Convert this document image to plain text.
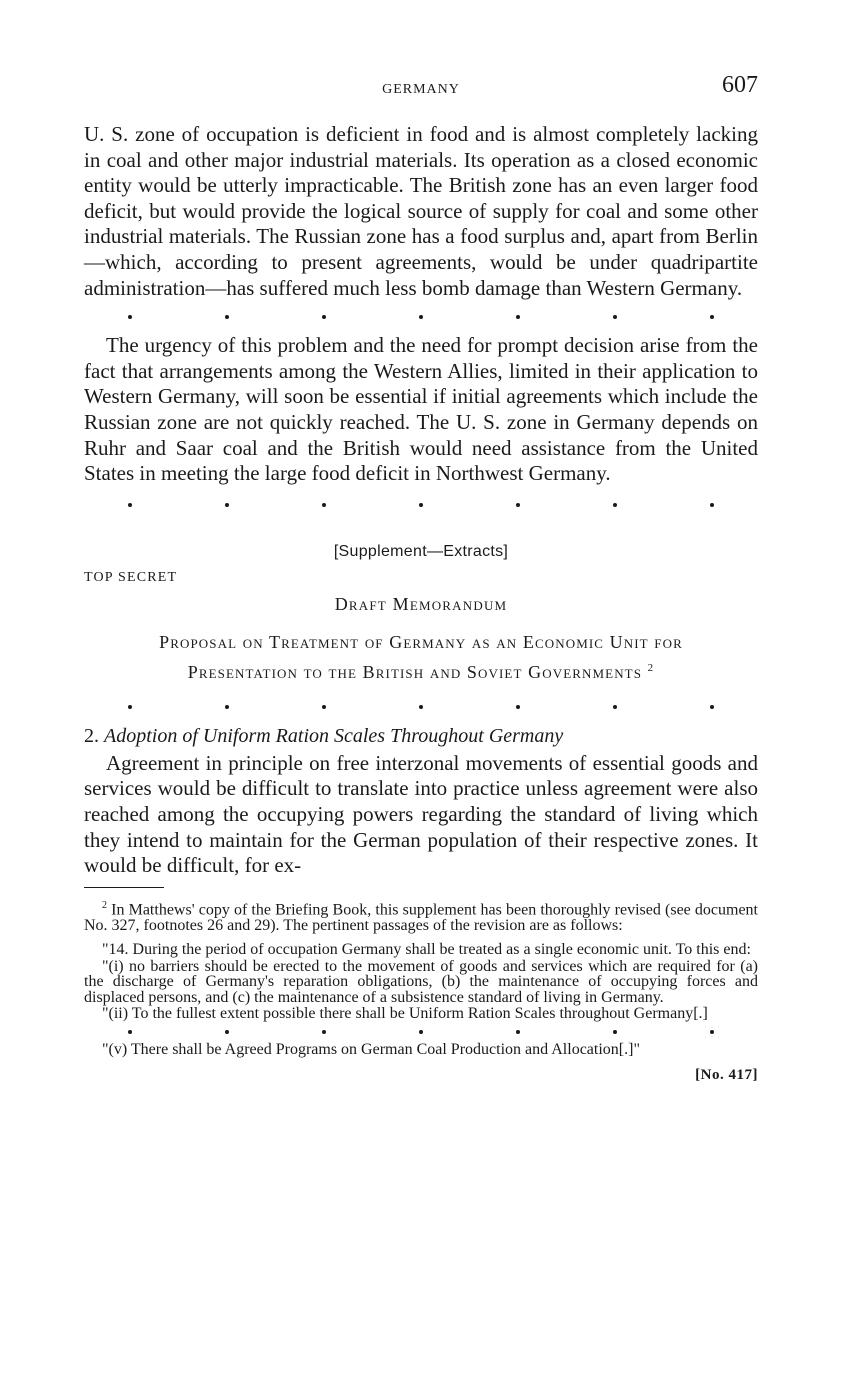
GERMANY	607

U. S. zone of occupation is deficient in food and is almost completely lacking in coal and other major industrial materials. Its operation as a closed economic entity would be utterly impracticable. The British zone has an even larger food deficit, but would provide the logical source of supply for coal and some other industrial materials. The Russian zone has a food surplus and, apart from Berlin—which, according to present agreements, would be under quadripartite administration—has suffered much less bomb damage than Western Germany.

The urgency of this problem and the need for prompt decision arise from the fact that arrangements among the Western Allies, limited in their application to Western Germany, will soon be essential if initial agreements which include the Russian zone are not quickly reached. The U. S. zone in Germany depends on Ruhr and Saar coal and the British would need assistance from the United States in meeting the large food deficit in Northwest Germany.

[Supplement—Extracts]
TOP SECRET
Draft Memorandum
Proposal on Treatment of Germany as an Economic Unit for
Presentation to the British and Soviet Governments $^2$
2. Adoption of Uniform Ration Scales Throughout Germany

Agreement in principle on free interzonal movements of essential goods and services would be difficult to translate into practice unless agreement were also reached among the occupying powers regarding the standard of living which they intend to maintain for the German population of their respective zones. It would be difficult, for ex-

$^2$ In Matthews' copy of the Briefing Book, this supplement has been thoroughly revised (see document No. 327, footnotes 26 and 29). The pertinent passages of the revision are as follows:

"14. During the period of occupation Germany shall be treated as a single economic unit. To this end:

"(i) no barriers should be erected to the movement of goods and services which are required for (a) the discharge of Germany's reparation obligations, (b) the maintenance of occupying forces and displaced persons, and (c) the maintenance of a subsistence standard of living in Germany.

"(ii) To the fullest extent possible there shall be Uniform Ration Scales throughout Germany[.]

"(v) There shall be Agreed Programs on German Coal Production and Allocation[.]"

[No. 417]
